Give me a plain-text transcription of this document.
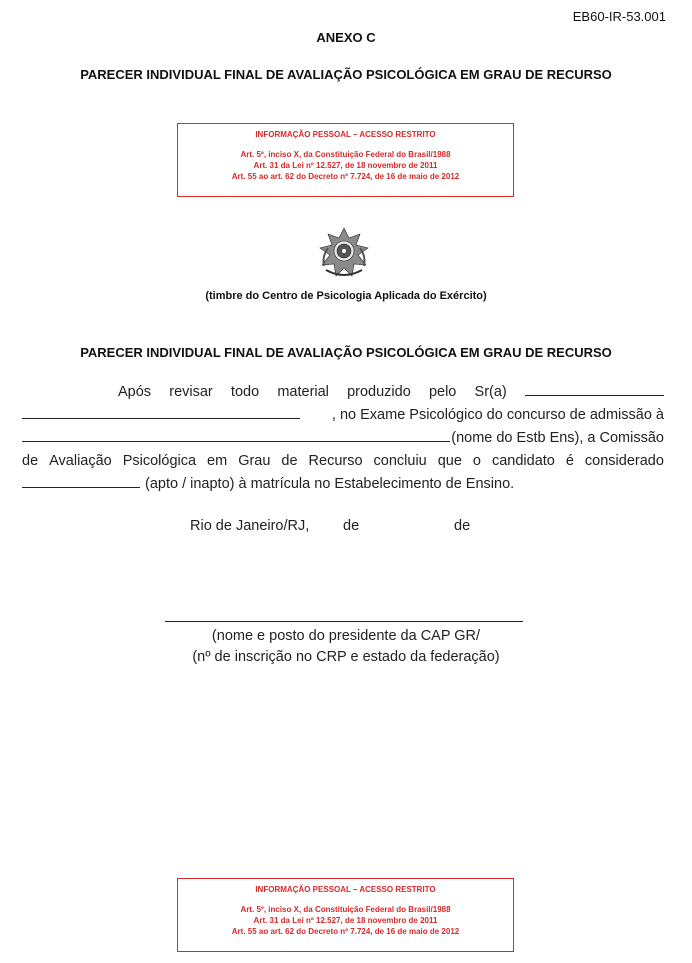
EB60-IR-53.001
ANEXO C
PARECER INDIVIDUAL FINAL DE AVALIAÇÃO PSICOLÓGICA EM GRAU DE RECURSO
INFORMAÇÃO PESSOAL – ACESSO RESTRITO
Art. 5º, inciso X, da Constituição Federal do Brasil/1988
Art. 31 da Lei nº 12.527, de 18 novembro de 2011
Art. 55 ao art. 62 do Decreto nº 7.724, de 16 de maio de 2012
(timbre do Centro de Psicologia Aplicada do Exército)
PARECER INDIVIDUAL FINAL DE AVALIAÇÃO PSICOLÓGICA EM GRAU DE RECURSO
Após revisar todo material produzido pelo Sr(a)
, no Exame Psicológico do concurso de admissão à
(nome do Estb Ens), a Comissão
de Avaliação Psicológica em Grau de Recurso concluiu que o candidato é considerado
(apto / inapto) à matrícula no Estabelecimento de Ensino.
Rio de Janeiro/RJ, de	de
(nome e posto do presidente da CAP GR/
(nº de inscrição no CRP e estado da federação)
INFORMAÇÃO PESSOAL – ACESSO RESTRITO
Art. 5º, inciso X, da Constituição Federal do Brasil/1988
Art. 31 da Lei nº 12.527, de 18 novembro de 2011
Art. 55 ao art. 62 do Decreto nº 7.724, de 16 de maio de 2012
